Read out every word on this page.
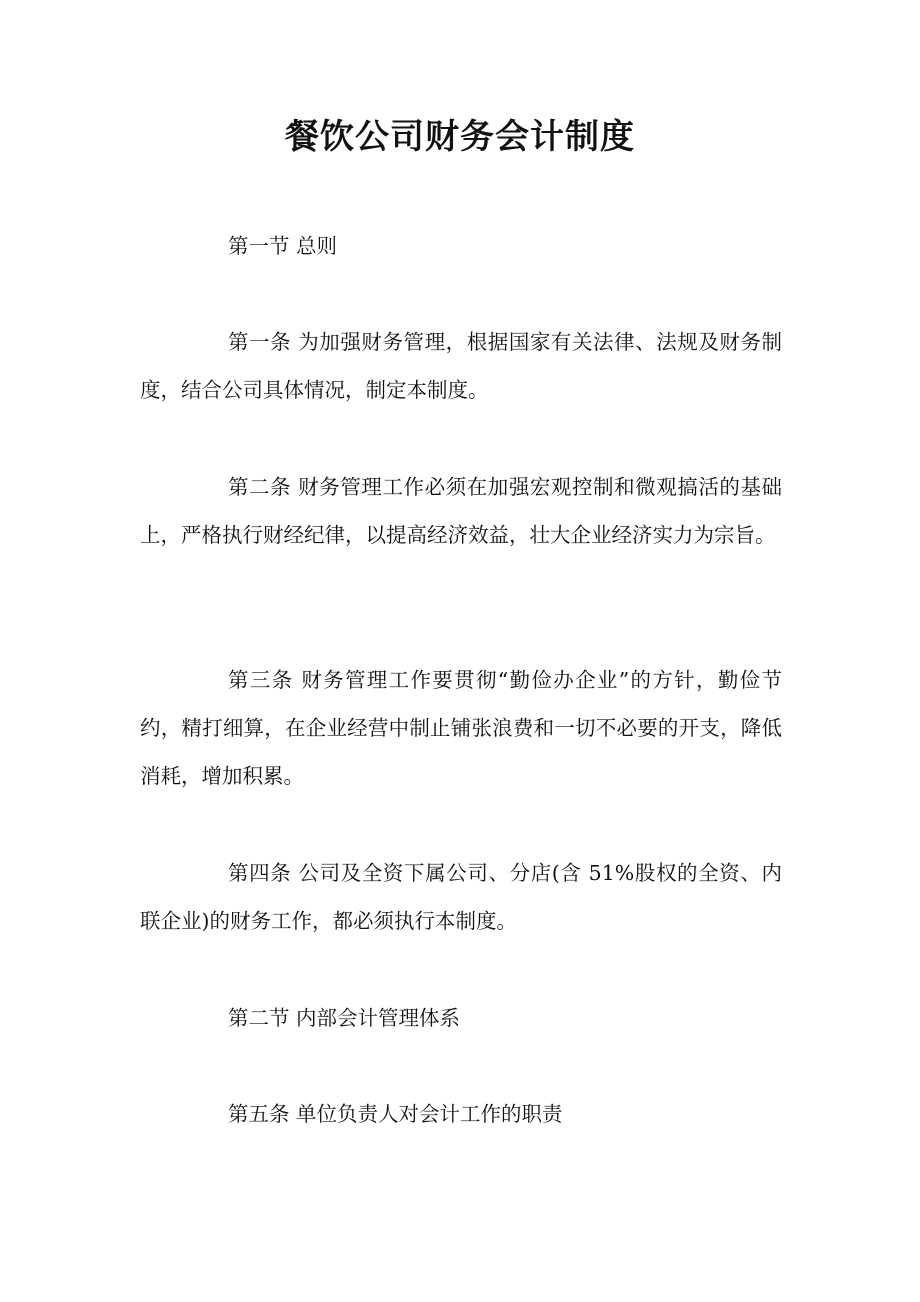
餐饮公司财务会计制度
第一节 总则
第一条 为加强财务管理，根据国家有关法律、法规及财务制度，结合公司具体情况，制定本制度。
第二条 财务管理工作必须在加强宏观控制和微观搞活的基础上，严格执行财经纪律，以提高经济效益，壮大企业经济实力为宗旨。
第三条 财务管理工作要贯彻“勤俭办企业”的方针，勤俭节约，精打细算，在企业经营中制止铺张浪费和一切不必要的开支，降低消耗，增加积累。
第四条 公司及全资下属公司、分店(含 51%股权的全资、内联企业)的财务工作，都必须执行本制度。
第二节 内部会计管理体系
第五条 单位负责人对会计工作的职责
